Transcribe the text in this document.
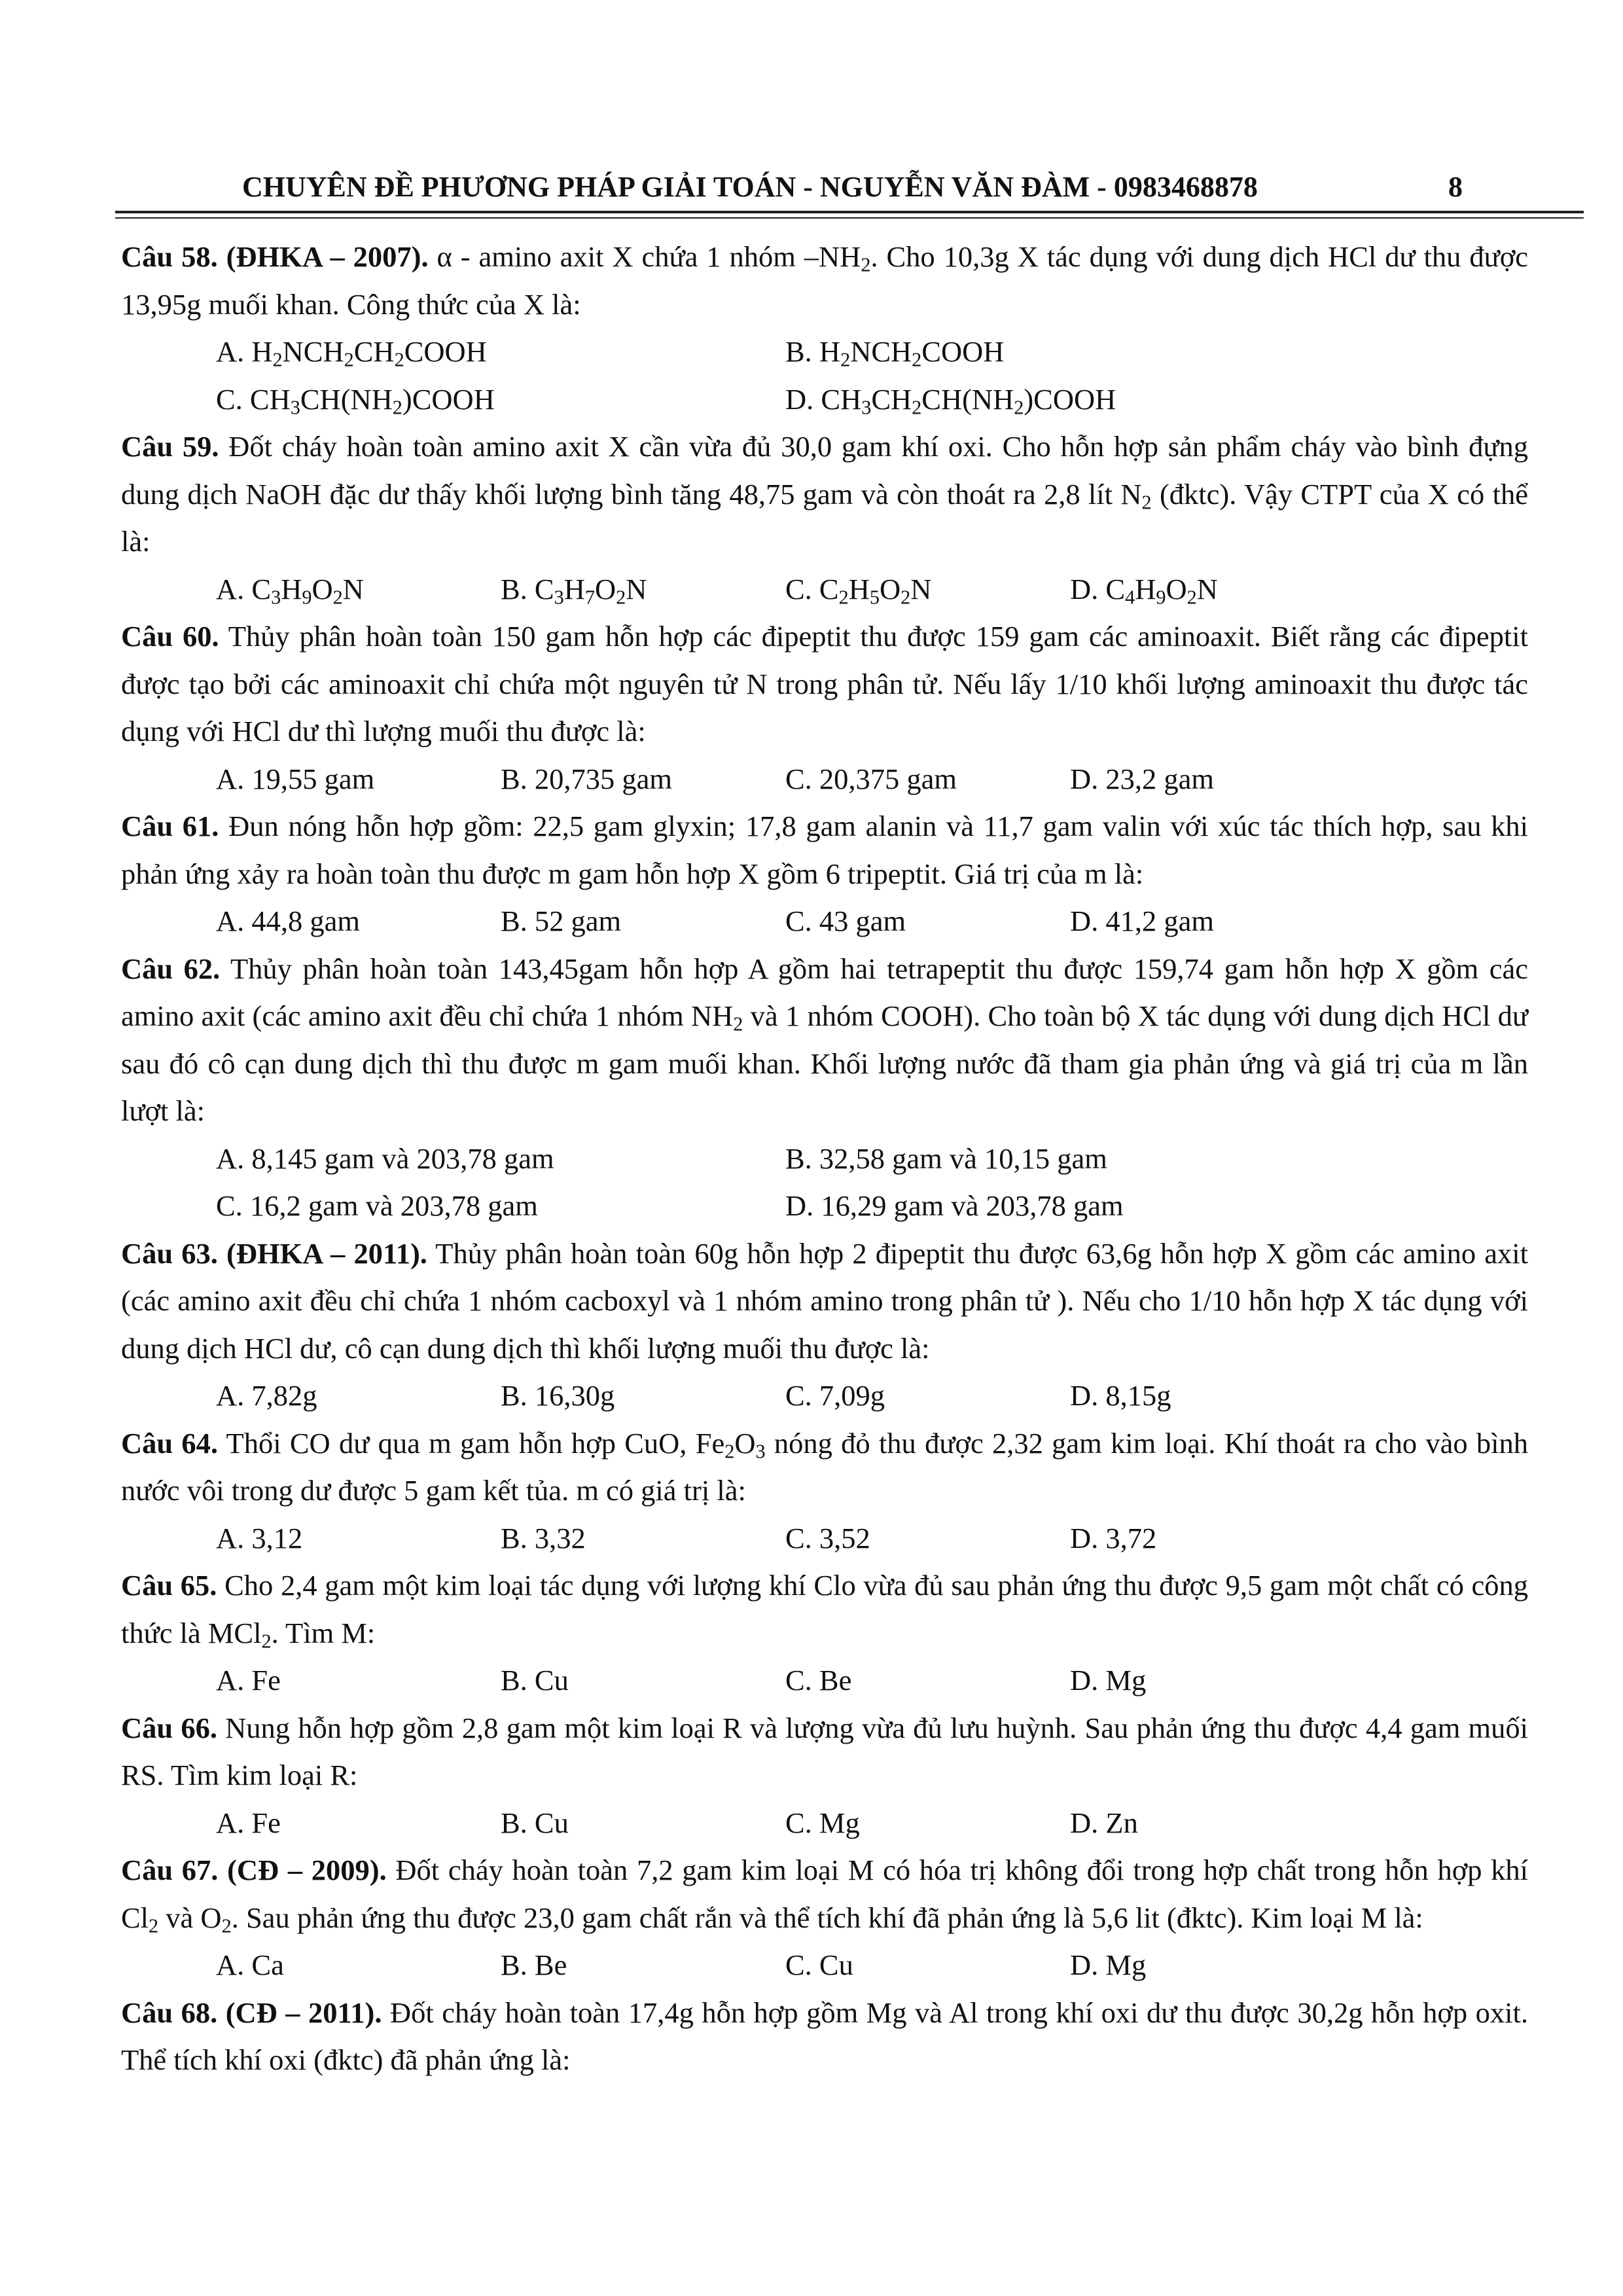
CHUYÊN ĐỀ PHƯƠNG PHÁP GIẢI TOÁN - NGUYỄN VĂN ĐÀM - 0983468878	8

Câu 58. (ĐHKA – 2007). α - amino axit X chứa 1 nhóm $-NH_2$. Cho 10,3g X tác dụng với dung dịch HCl dư thu được 13,95g muối khan. Công thức của X là:

A. $H_2NCH_2CH_2COOH$	B. $H_2NCH_2COOH$
C. $CH_3CH(NH_2)COOH$	D. $CH_3CH_2CH(NH_2)COOH$

Câu 59. Đốt cháy hoàn toàn amino axit X cần vừa đủ 30,0 gam khí oxi. Cho hỗn hợp sản phẩm cháy vào bình đựng dung dịch NaOH đặc dư thấy khối lượng bình tăng 48,75 gam và còn thoát ra 2,8 lít $N_2$ (đktc). Vậy CTPT của X có thể là:

A. $C_3H_9O_2N$	B. $C_3H_7O_2N$	C. $C_2H_5O_2N$	D. $C_4H_9O_2N$

Câu 60. Thủy phân hoàn toàn 150 gam hỗn hợp các đipeptit thu được 159 gam các aminoaxit. Biết rằng các đipeptit được tạo bởi các aminoaxit chỉ chứa một nguyên tử N trong phân tử. Nếu lấy 1/10 khối lượng aminoaxit thu được tác dụng với HCl dư thì lượng muối thu được là:

A. 19,55 gam	B. 20,735 gam	C. 20,375 gam	D. 23,2 gam

Câu 61. Đun nóng hỗn hợp gồm: 22,5 gam glyxin; 17,8 gam alanin và 11,7 gam valin với xúc tác thích hợp, sau khi phản ứng xảy ra hoàn toàn thu được m gam hỗn hợp X gồm 6 tripeptit. Giá trị của m là:

A. 44,8 gam	B. 52 gam	C. 43 gam	D. 41,2 gam

Câu 62. Thủy phân hoàn toàn 143,45gam hỗn hợp A gồm hai tetrapeptit thu được 159,74 gam hỗn hợp X gồm các amino axit (các amino axit đều chỉ chứa 1 nhóm $NH_2$ và 1 nhóm COOH). Cho toàn bộ X tác dụng với dung dịch HCl dư sau đó cô cạn dung dịch thì thu được m gam muối khan. Khối lượng nước đã tham gia phản ứng và giá trị của m lần lượt là:

A. 8,145 gam và 203,78 gam	B. 32,58 gam và 10,15 gam
C. 16,2 gam và 203,78 gam	D. 16,29 gam và 203,78 gam

Câu 63. (ĐHKA – 2011). Thủy phân hoàn toàn 60g hỗn hợp 2 đipeptit thu được 63,6g hỗn hợp X gồm các amino axit (các amino axit đều chỉ chứa 1 nhóm cacboxyl và 1 nhóm amino trong phân tử ). Nếu cho 1/10 hỗn hợp X tác dụng với dung dịch HCl dư, cô cạn dung dịch thì khối lượng muối thu được là:

A. 7,82g	B. 16,30g	C. 7,09g	D. 8,15g

Câu 64. Thổi CO dư qua m gam hỗn hợp CuO, $Fe_2O_3$ nóng đỏ thu được 2,32 gam kim loại. Khí thoát ra cho vào bình nước vôi trong dư được 5 gam kết tủa. m có giá trị là:

A. 3,12	B. 3,32	C. 3,52	D. 3,72

Câu 65. Cho 2,4 gam một kim loại tác dụng với lượng khí Clo vừa đủ sau phản ứng thu được 9,5 gam một chất có công thức là MCl$_2$. Tìm M:

A. Fe	B. Cu	C. Be	D. Mg

Câu 66. Nung hỗn hợp gồm 2,8 gam một kim loại R và lượng vừa đủ lưu huỳnh. Sau phản ứng thu được 4,4 gam muối RS. Tìm kim loại R:

A. Fe	B. Cu	C. Mg	D. Zn

Câu 67. (CĐ – 2009). Đốt cháy hoàn toàn 7,2 gam kim loại M có hóa trị không đổi trong hợp chất trong hỗn hợp khí $Cl_2$ và $O_2$. Sau phản ứng thu được 23,0 gam chất rắn và thể tích khí đã phản ứng là 5,6 lit (đktc). Kim loại M là:

A. Ca	B. Be	C. Cu	D. Mg

Câu 68. (CĐ – 2011). Đốt cháy hoàn toàn 17,4g hỗn hợp gồm Mg và Al trong khí oxi dư thu được 30,2g hỗn hợp oxit. Thể tích khí oxi (đktc) đã phản ứng là:
